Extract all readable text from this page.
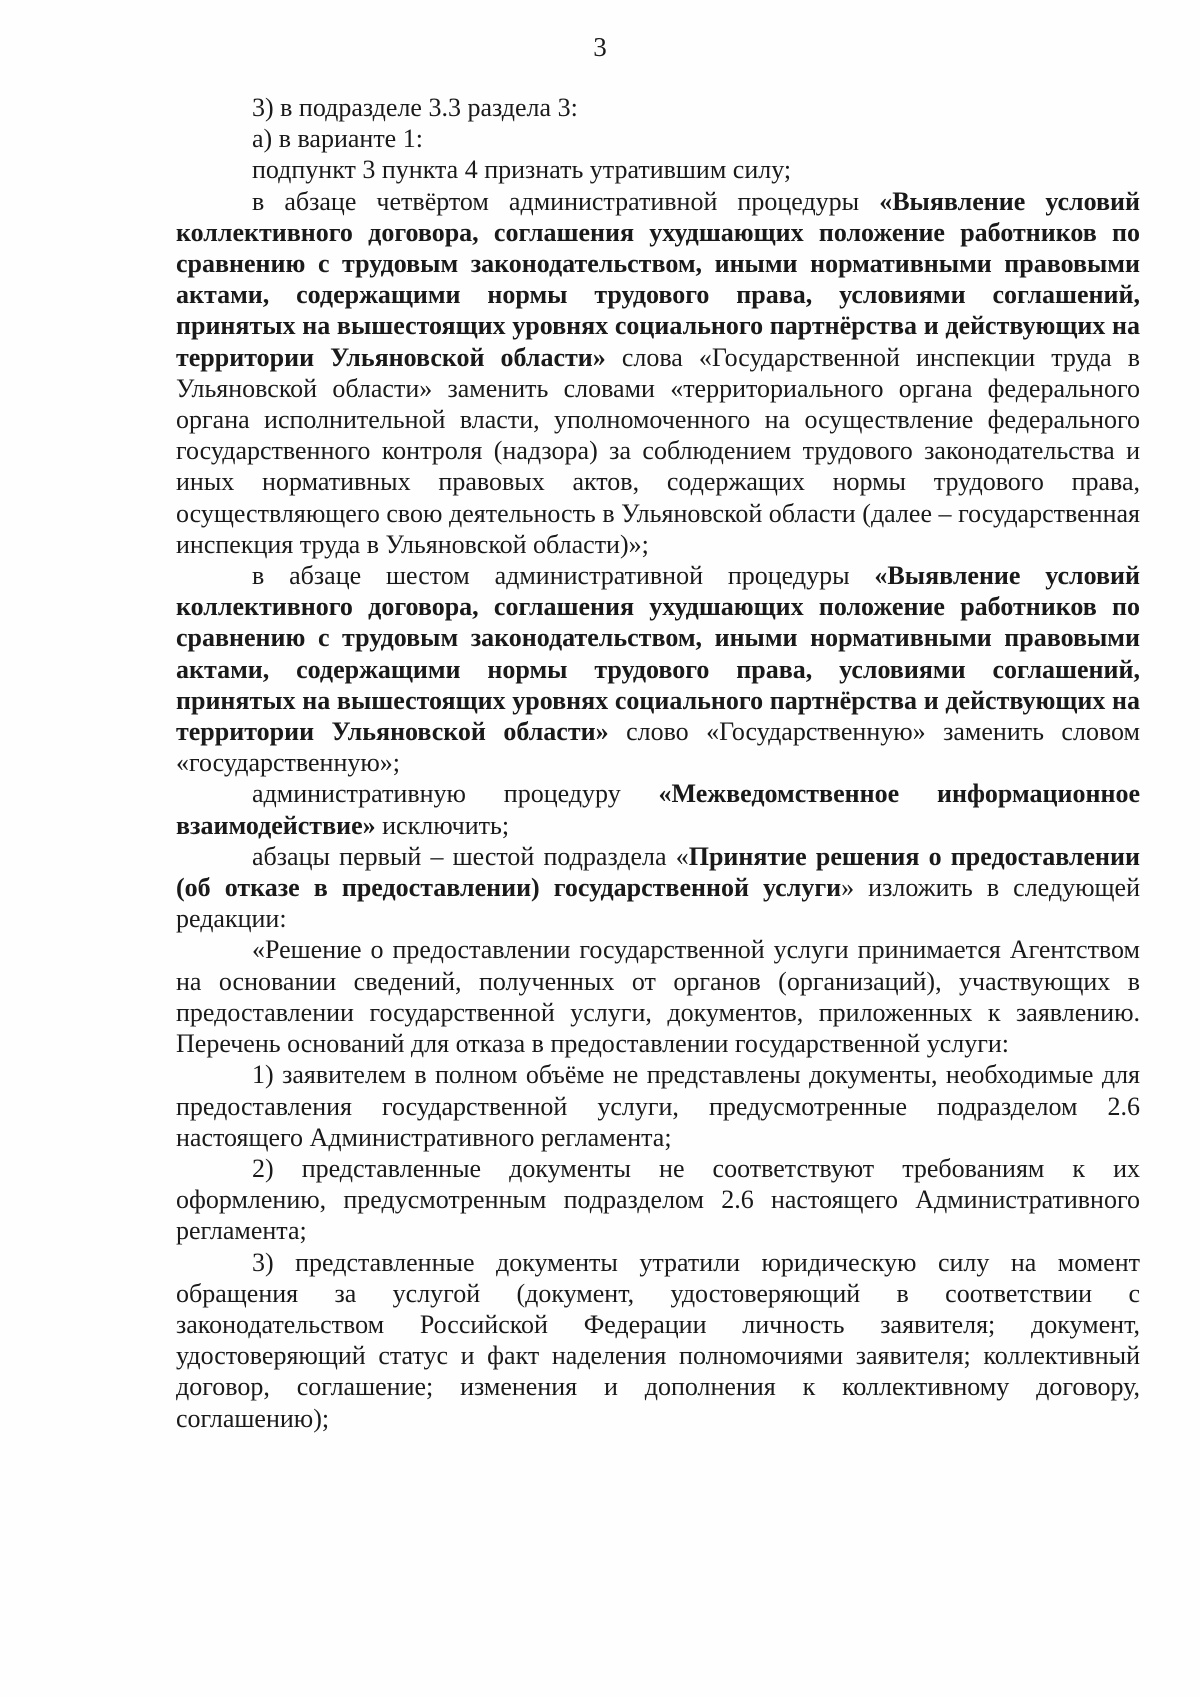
3

3) в подразделе 3.3 раздела 3:

а) в варианте 1:

подпункт 3 пункта 4 признать утратившим силу;

в абзаце четвёртом административной процедуры «Выявление условий коллективного договора, соглашения ухудшающих положение работников по сравнению с трудовым законодательством, иными нормативными правовыми актами, содержащими нормы трудового права, условиями соглашений, принятых на вышестоящих уровнях социального партнёрства и действующих на территории Ульяновской области» слова «Государственной инспекции труда в Ульяновской области» заменить словами «территориального органа федерального органа исполнительной власти, уполномоченного на осуществление федерального государственного контроля (надзора) за соблюдением трудового законодательства и иных нормативных правовых актов, содержащих нормы трудового права, осуществляющего свою деятельность в Ульяновской области (далее – государственная инспекция труда в Ульяновской области)»;

в абзаце шестом административной процедуры «Выявление условий коллективного договора, соглашения ухудшающих положение работников по сравнению с трудовым законодательством, иными нормативными правовыми актами, содержащими нормы трудового права, условиями соглашений, принятых на вышестоящих уровнях социального партнёрства и действующих на территории Ульяновской области» слово «Государственную» заменить словом «государственную»;

административную процедуру «Межведомственное информационное взаимодействие» исключить;

абзацы первый – шестой подраздела «Принятие решения о предоставлении (об отказе в предоставлении) государственной услуги» изложить в следующей редакции:

«Решение о предоставлении государственной услуги принимается Агентством на основании сведений, полученных от органов (организаций), участвующих в предоставлении государственной услуги, документов, приложенных к заявлению. Перечень оснований для отказа в предоставлении государственной услуги:

1) заявителем в полном объёме не представлены документы, необходимые для предоставления государственной услуги, предусмотренные подразделом 2.6 настоящего Административного регламента;

2) представленные документы не соответствуют требованиям к их оформлению, предусмотренным подразделом 2.6 настоящего Административного регламента;

3) представленные документы утратили юридическую силу на момент обращения за услугой (документ, удостоверяющий в соответствии с законодательством Российской Федерации личность заявителя; документ, удостоверяющий статус и факт наделения полномочиями заявителя; коллективный договор, соглашение; изменения и дополнения к коллективному договору, соглашению);
